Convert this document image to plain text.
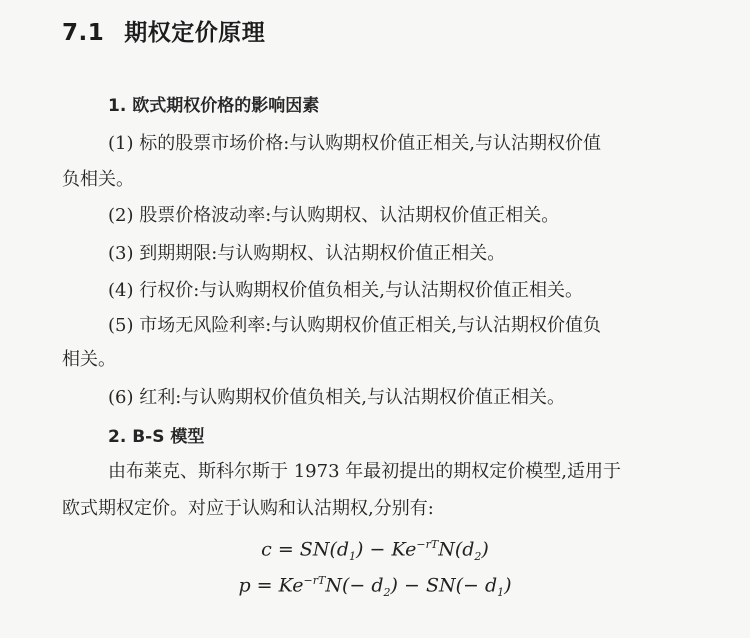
7.1 期权定价原理
1. 欧式期权价格的影响因素
(1) 标的股票市场价格:与认购期权价值正相关,与认沽期权价值
负相关。
(2) 股票价格波动率:与认购期权、认沽期权价值正相关。
(3) 到期期限:与认购期权、认沽期权价值正相关。
(4) 行权价:与认购期权价值负相关,与认沽期权价值正相关。
(5) 市场无风险利率:与认购期权价值正相关,与认沽期权价值负
相关。
(6) 红利:与认购期权价值负相关,与认沽期权价值正相关。
2. B-S 模型
由布莱克、斯科尔斯于 1973 年最初提出的期权定价模型,适用于
欧式期权定价。对应于认购和认沽期权,分别有:
$c = SN(d_1) - Ke^{-rT}N(d_2)$
$p = Ke^{-rT}N(- d_2) - SN(- d_1)$
